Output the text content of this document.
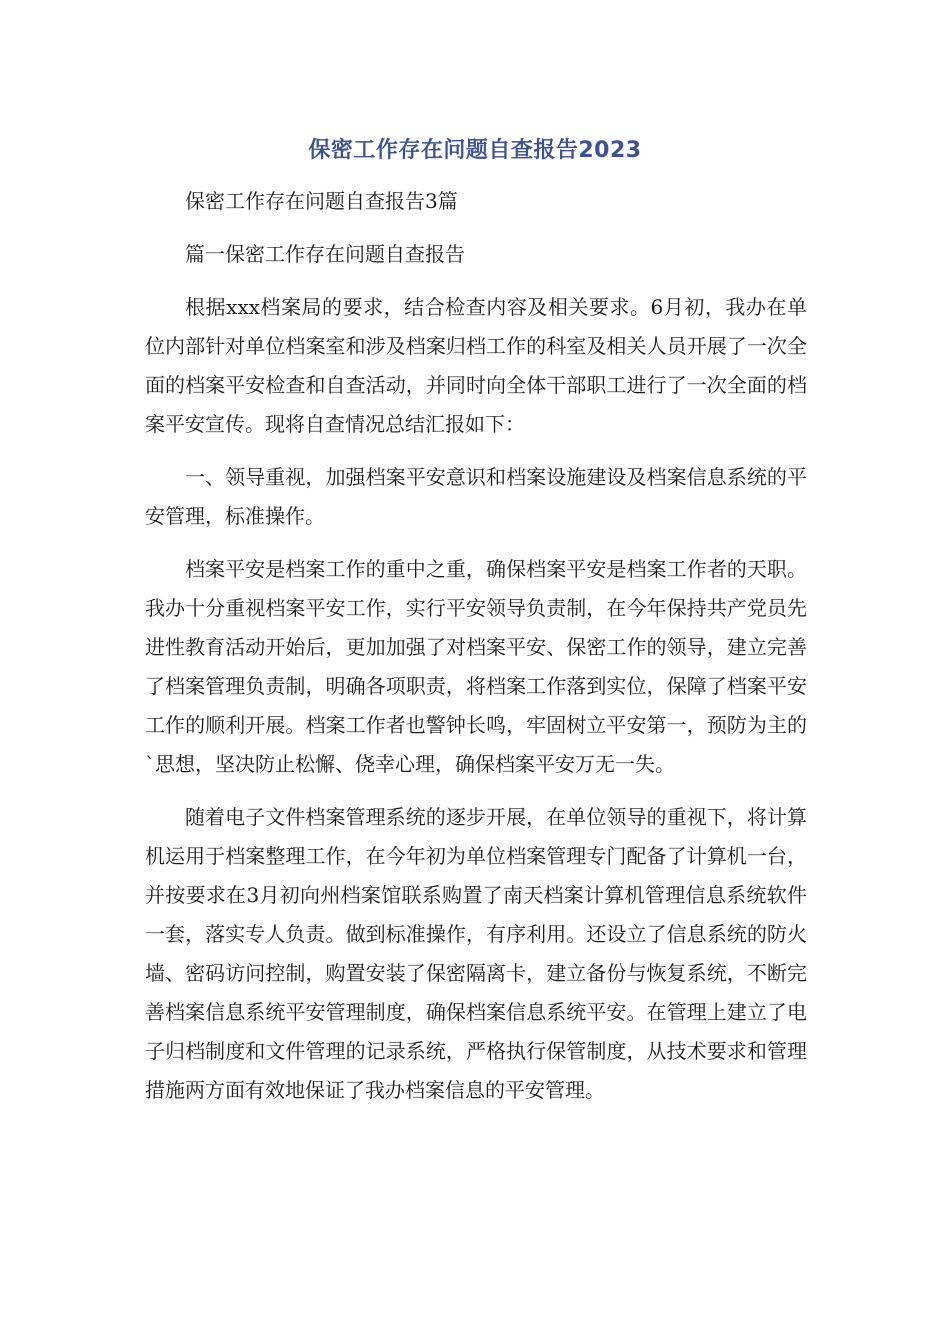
保密工作存在问题自查报告2023

保密工作存在问题自查报告3篇

篇一保密工作存在问题自查报告

根据xxx档案局的要求，结合检查内容及相关要求。6月初，我办在单位内部针对单位档案室和涉及档案归档工作的科室及相关人员开展了一次全面的档案平安检查和自查活动，并同时向全体干部职工进行了一次全面的档案平安宣传。现将自查情况总结汇报如下：

一、领导重视，加强档案平安意识和档案设施建设及档案信息系统的平安管理，标准操作。

档案平安是档案工作的重中之重，确保档案平安是档案工作者的天职。我办十分重视档案平安工作，实行平安领导负责制，在今年保持共产党员先进性教育活动开始后，更加加强了对档案平安、保密工作的领导，建立完善了档案管理负责制，明确各项职责，将档案工作落到实位，保障了档案平安工作的顺利开展。档案工作者也警钟长鸣，牢固树立平安第一，预防为主的`思想，坚决防止松懈、侥幸心理，确保档案平安万无一失。

随着电子文件档案管理系统的逐步开展，在单位领导的重视下，将计算机运用于档案整理工作，在今年初为单位档案管理专门配备了计算机一台，并按要求在3月初向州档案馆联系购置了南天档案计算机管理信息系统软件一套，落实专人负责。做到标准操作，有序利用。还设立了信息系统的防火墙、密码访问控制，购置安装了保密隔离卡，建立备份与恢复系统，不断完善档案信息系统平安管理制度，确保档案信息系统平安。在管理上建立了电子归档制度和文件管理的记录系统，严格执行保管制度，从技术要求和管理措施两方面有效地保证了我办档案信息的平安管理。
